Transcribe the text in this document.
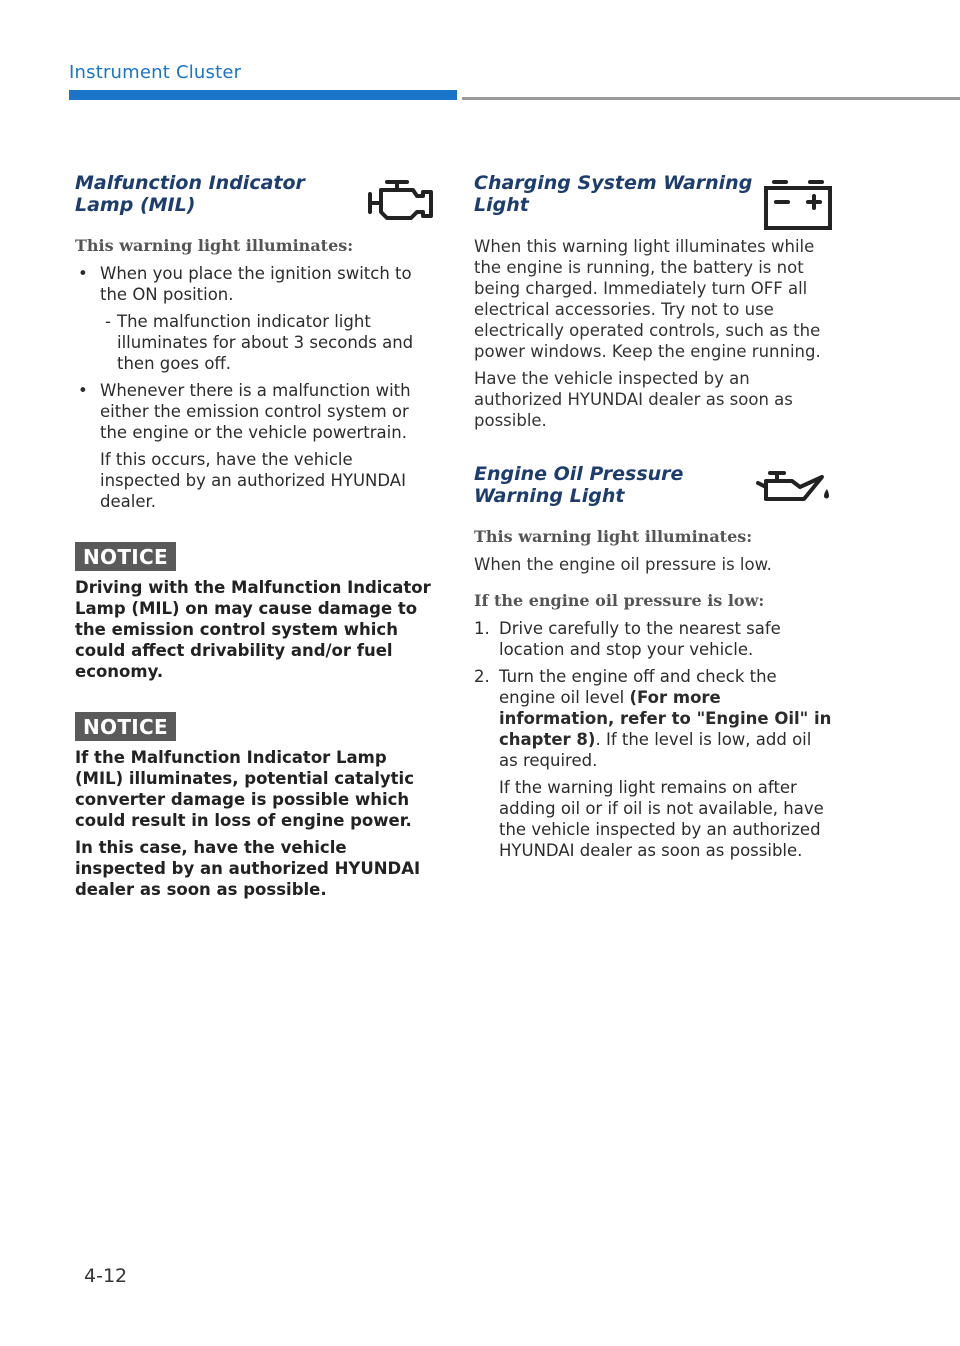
Instrument Cluster
Malfunction Indicator Lamp (MIL)
This warning light illuminates:
• When you place the ignition switch to the ON position.
- The malfunction indicator light illuminates for about 3 seconds and then goes off.
• Whenever there is a malfunction with either the emission control system or the engine or the vehicle powertrain.
If this occurs, have the vehicle inspected by an authorized HYUNDAI dealer.
NOTICE
Driving with the Malfunction Indicator Lamp (MIL) on may cause damage to the emission control system which could affect drivability and/or fuel economy.
NOTICE
If the Malfunction Indicator Lamp (MIL) illuminates, potential catalytic converter damage is possible which could result in loss of engine power.
In this case, have the vehicle inspected by an authorized HYUNDAI dealer as soon as possible.
Charging System Warning Light

When this warning light illuminates while the engine is running, the battery is not being charged. Immediately turn OFF all electrical accessories. Try not to use electrically operated controls, such as the power windows. Keep the engine running.

Have the vehicle inspected by an authorized HYUNDAI dealer as soon as possible.

Engine Oil Pressure Warning Light
This warning light illuminates:

When the engine oil pressure is low.

If the engine oil pressure is low:
1. Drive carefully to the nearest safe location and stop your vehicle.
2. Turn the engine off and check the engine oil level (For more information, refer to "Engine Oil" in chapter 8). If the level is low, add oil as required.
If the warning light remains on after adding oil or if oil is not available, have the vehicle inspected by an authorized HYUNDAI dealer as soon as possible.
4-12
